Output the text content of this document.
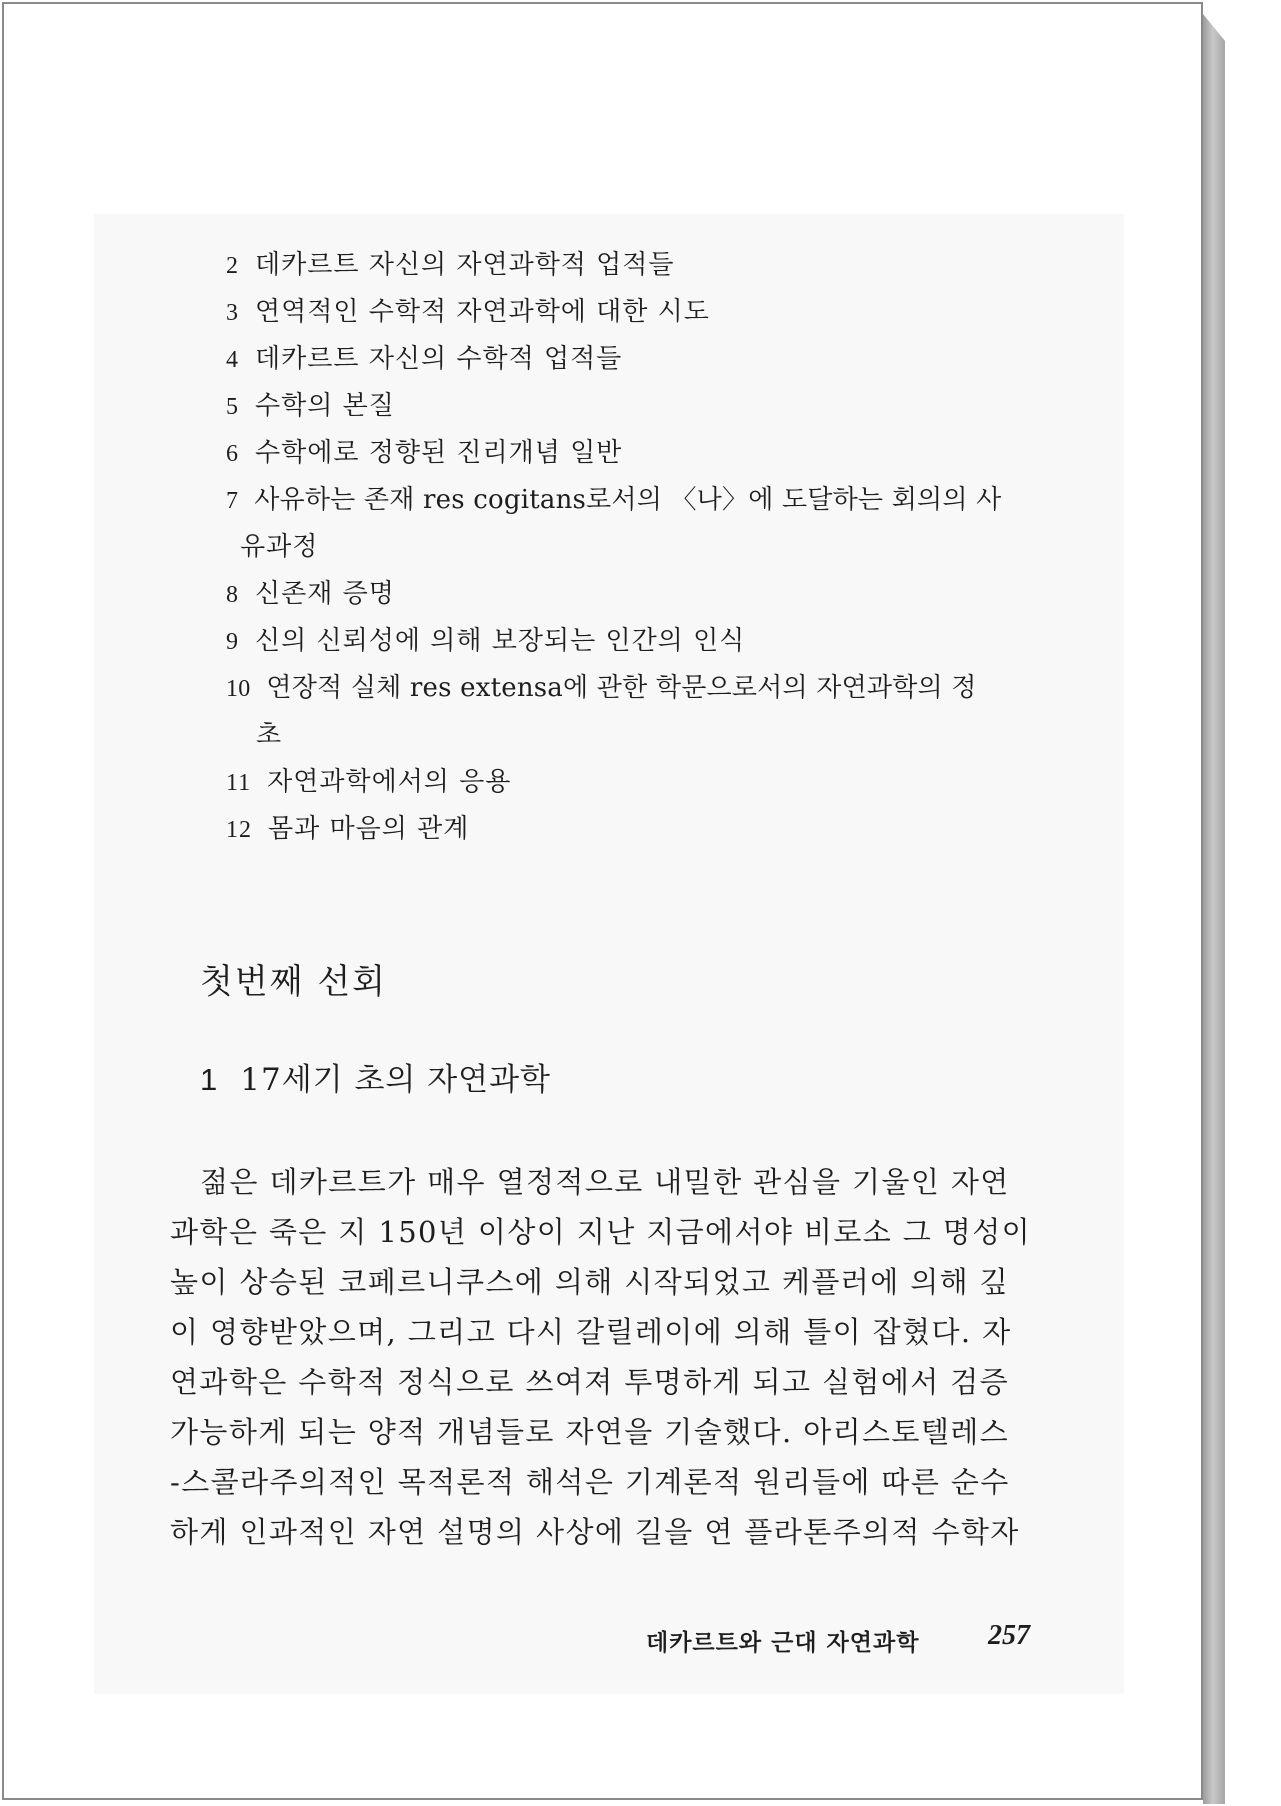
2 데카르트 자신의 자연과학적 업적들
3 연역적인 수학적 자연과학에 대한 시도
4 데카르트 자신의 수학적 업적들
5 수학의 본질
6 수학에로 정향된 진리개념 일반
7 사유하는 존재 res cogitans로서의 〈나〉에 도달하는 회의의 사
유과정
8 신존재 증명
9 신의 신뢰성에 의해 보장되는 인간의 인식
10 연장적 실체 res extensa에 관한 학문으로서의 자연과학의 정
초
11 자연과학에서의 응용
12 몸과 마음의 관계
첫번째 선회
1 17세기 초의 자연과학
젊은 데카르트가 매우 열정적으로 내밀한 관심을 기울인 자연
과학은 죽은 지 150년 이상이 지난 지금에서야 비로소 그 명성이
높이 상승된 코페르니쿠스에 의해 시작되었고 케플러에 의해 깊
이 영향받았으며, 그리고 다시 갈릴레이에 의해 틀이 잡혔다. 자
연과학은 수학적 정식으로 쓰여져 투명하게 되고 실험에서 검증
가능하게 되는 양적 개념들로 자연을 기술했다. 아리스토텔레스
-스콜라주의적인 목적론적 해석은 기계론적 원리들에 따른 순수
하게 인과적인 자연 설명의 사상에 길을 연 플라톤주의적 수학자
데카르트와 근대 자연과학 257
